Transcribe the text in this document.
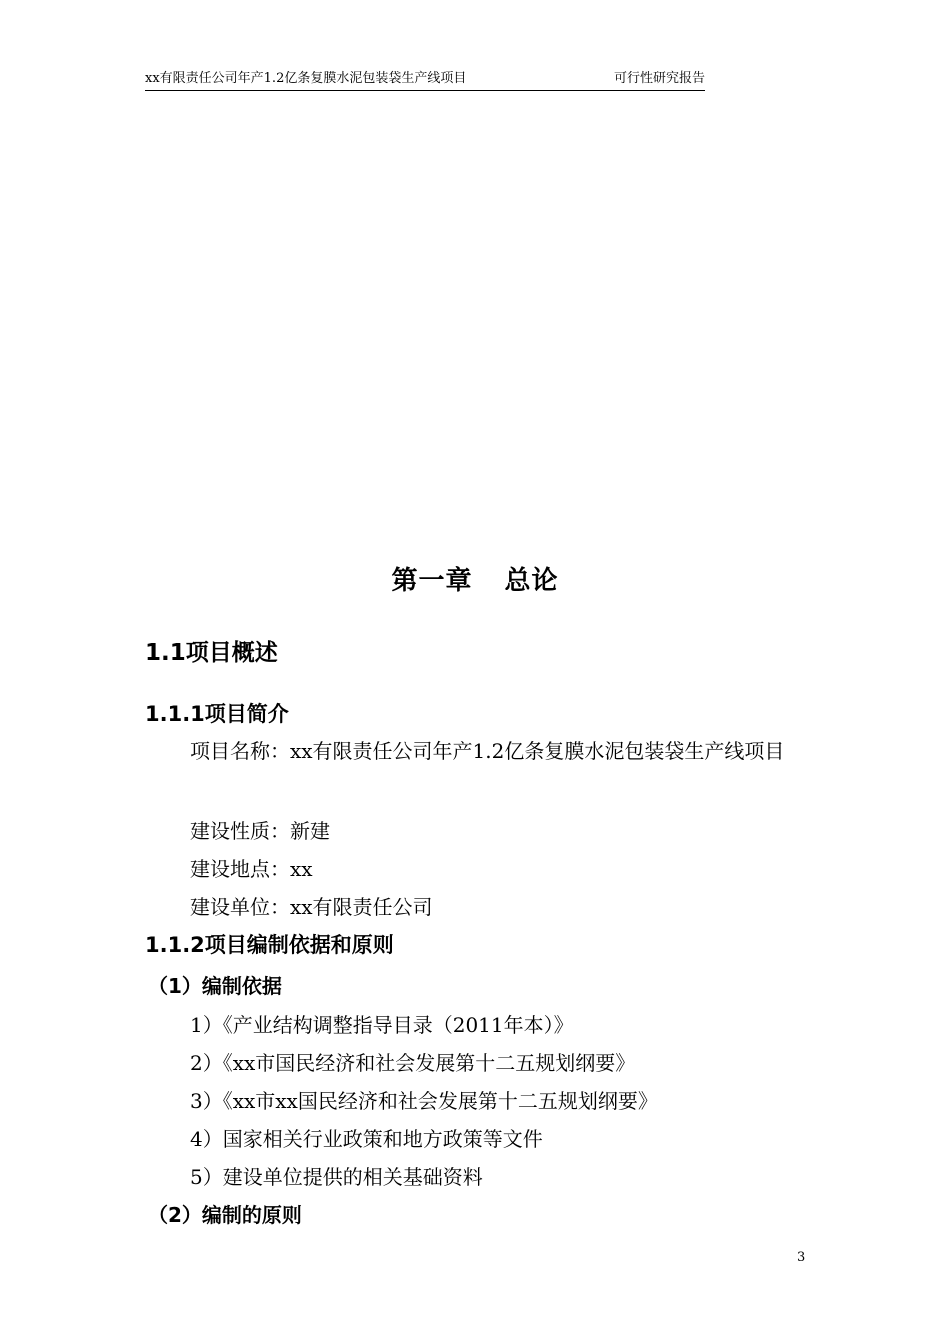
xx有限责任公司年产1.2亿条复膜水泥包装袋生产线项目	可行性研究报告
第一章 总论
1.1项目概述
1.1.1项目简介
项目名称：xx有限责任公司年产1.2亿条复膜水泥包装袋生产线项目
建设性质：新建
建设地点：xx
建设单位：xx有限责任公司
1.1.2项目编制依据和原则
（1）编制依据
1）《产业结构调整指导目录（2011年本）》
2）《xx市国民经济和社会发展第十二五规划纲要》
3）《xx市xx国民经济和社会发展第十二五规划纲要》
4）国家相关行业政策和地方政策等文件
5）建设单位提供的相关基础资料
（2）编制的原则
3
